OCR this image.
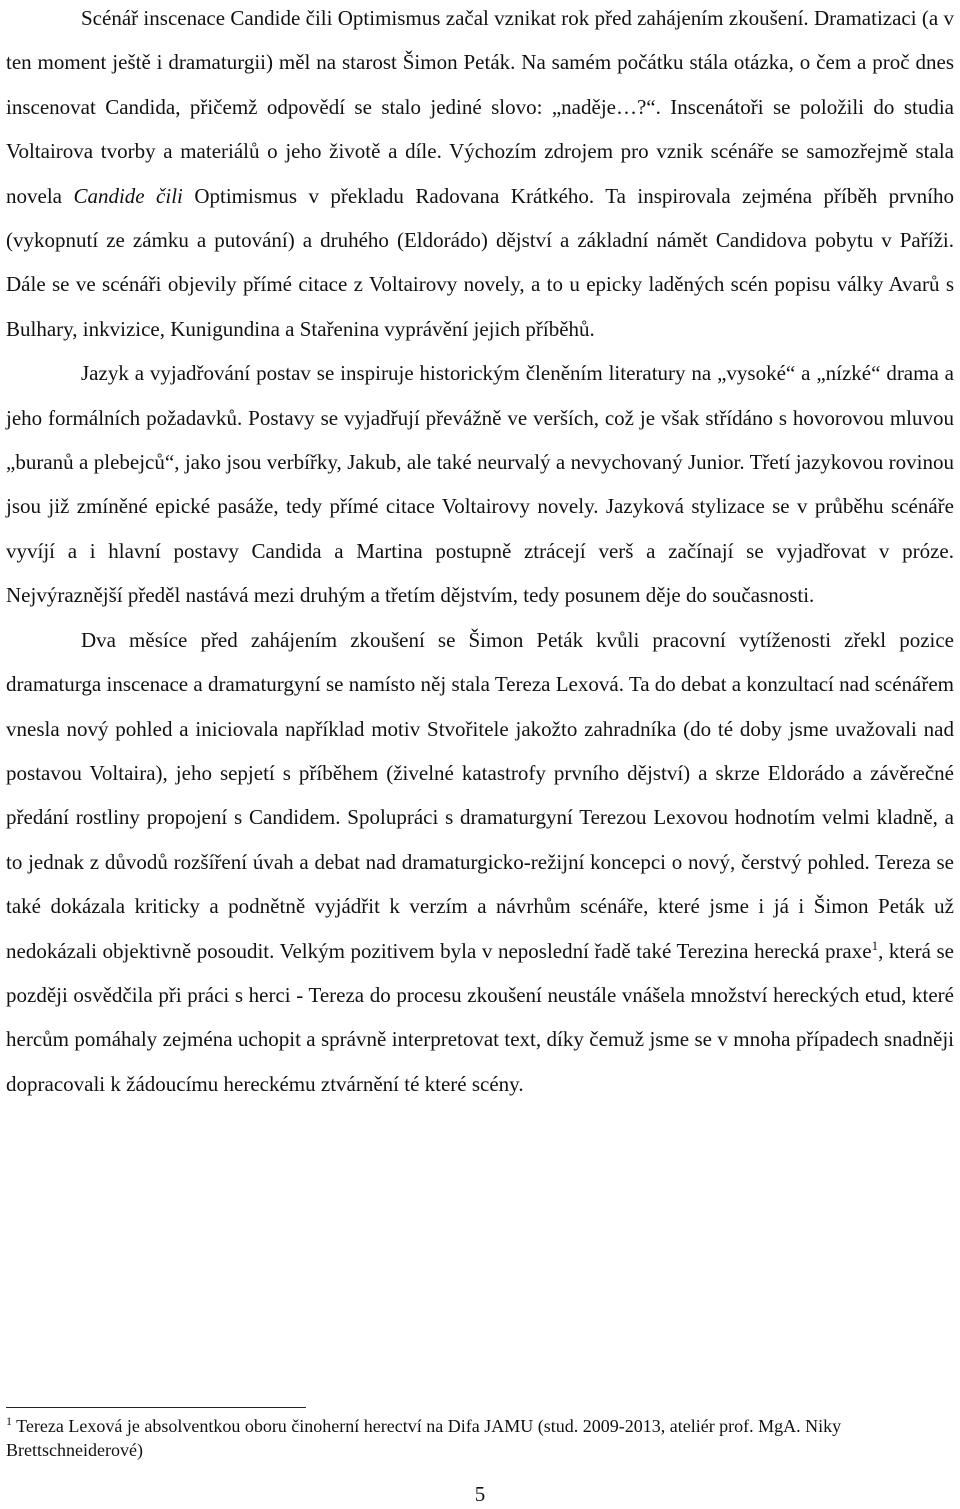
Scénář inscenace Candide čili Optimismus začal vznikat rok před zahájením zkoušení. Dramatizaci (a v ten moment ještě i dramaturgii) měl na starost Šimon Peták. Na samém počátku stála otázka, o čem a proč dnes inscenovat Candida, přičemž odpovědí se stalo jediné slovo: „naděje…?“. Inscenátoři se položili do studia Voltairova tvorby a materiálů o jeho životě a díle. Výchozím zdrojem pro vznik scénáře se samozřejmě stala novela Candide čili Optimismus v překladu Radovana Krátkého. Ta inspirovala zejména příběh prvního (vykopnutí ze zámku a putování) a druhého (Eldorádo) dějství a základní námět Candidova pobytu v Paříži. Dále se ve scénáři objevily přímé citace z Voltairovy novely, a to u epicky laděných scén popisu války Avarů s Bulhary, inkvizice, Kunigundina a Stařenina vyprávění jejich příběhů.

Jazyk a vyjadřování postav se inspiruje historickým členěním literatury na „vysoké“ a „nízké“ drama a jeho formálních požadavků. Postavy se vyjadřují převážně ve verších, což je však střídáno s hovorovou mluvou „buranů a plebejců“, jako jsou verbířky, Jakub, ale také neurvalý a nevychovaný Junior. Třetí jazykovou rovinou jsou již zmíněné epické pasáže, tedy přímé citace Voltairovy novely. Jazyková stylizace se v průběhu scénáře vyvíjí a i hlavní postavy Candida a Martina postupně ztrácejí verš a začínají se vyjadřovat v próze. Nejvýraznější předěl nastává mezi druhým a třetím dějstvím, tedy posunem děje do současnosti.

Dva měsíce před zahájením zkoušení se Šimon Peták kvůli pracovní vytíženosti zřekl pozice dramaturga inscenace a dramaturgyní se namísto něj stala Tereza Lexová. Ta do debat a konzultací nad scénářem vnesla nový pohled a iniciovala například motiv Stvořitele jakožto zahradníka (do té doby jsme uvažovali nad postavou Voltaira), jeho sepjetí s příběhem (živelné katastrofy prvního dějství) a skrze Eldorádo a závěrečné předání rostliny propojení s Candidem. Spolupráci s dramaturgyní Terezou Lexovou hodnotím velmi kladně, a to jednak z důvodů rozšíření úvah a debat nad dramaturgicko-režijní koncepci o nový, čerstvý pohled. Tereza se také dokázala kriticky a podnětně vyjádřit k verzím a návrhům scénáře, které jsme i já i Šimon Peták už nedokázali objektivně posoudit. Velkým pozitivem byla v neposlední řadě také Terezina herecká praxe$^1$, která se později osvědčila při práci s herci - Tereza do procesu zkoušení neustále vnášela množství hereckých etud, které hercům pomáhaly zejména uchopit a správně interpretovat text, díky čemuž jsme se v mnoha případech snadněji dopracovali k žádoucímu hereckému ztvárnění té které scény.

$^1$ Tereza Lexová je absolventkou oboru činoherní herectví na Difa JAMU (stud. 2009-2013, ateliér prof. MgA. Niky Brettschneiderové)

5
